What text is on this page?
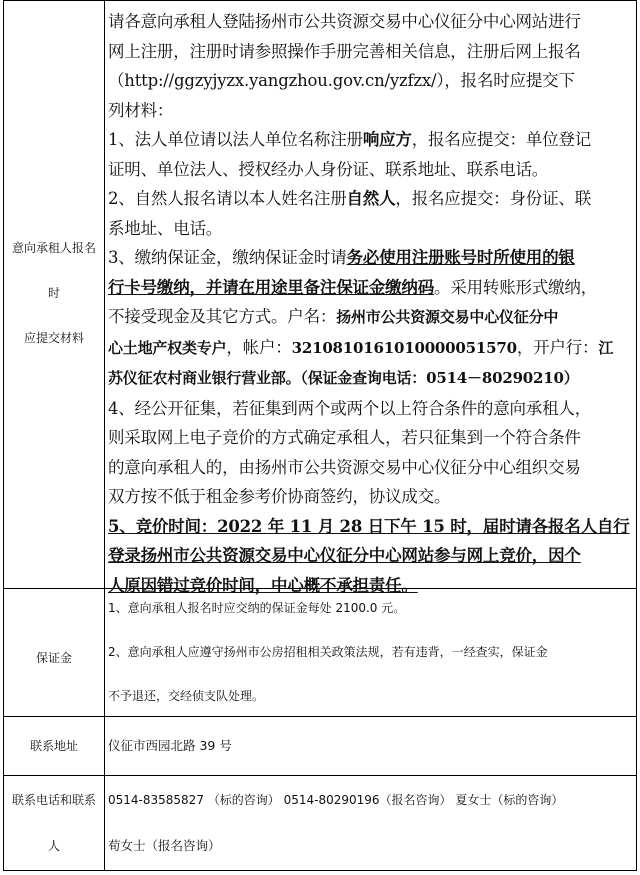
意向承租人报名
时
应提交材料

请各意向承租人登陆扬州市公共资源交易中心仪征分中心网站进行

网上注册，注册时请参照操作手册完善相关信息，注册后网上报名

（http://ggzyjyzx.yangzhou.gov.cn/yzfzx/），报名时应提交下

列材料：

1、法人单位请以法人单位名称注册响应方，报名应提交：单位登记

证明、单位法人、授权经办人身份证、联系地址、联系电话。

2、自然人报名请以本人姓名注册自然人，报名应提交：身份证、联

系地址、电话。

3、缴纳保证金，缴纳保证金时请务必使用注册账号时所使用的银

行卡号缴纳，并请在用途里备注保证金缴纳码。采用转账形式缴纳，

不接受现金及其它方式。户名：扬州市公共资源交易中心仪征分中

心土地产权类专户，帐户：3210810161010000051570，开户行：江

苏仪征农村商业银行营业部。（保证金查询电话：0514－80290210）

4、经公开征集，若征集到两个或两个以上符合条件的意向承租人，

则采取网上电子竞价的方式确定承租人，若只征集到一个符合条件

的意向承租人的，由扬州市公共资源交易中心仪征分中心组织交易

双方按不低于租金参考价协商签约，协议成交。

5、竞价时间：2022 年 11 月 28 日下午 15 时，届时请各报名人自行

登录扬州市公共资源交易中心仪征分中心网站参与网上竞价，因个

人原因错过竞价时间，中心概不承担责任。

保证金

1、意向承租人报名时应交纳的保证金每处 2100.0 元。

2、意向承租人应遵守扬州市公房招租相关政策法规，若有违背，一经查实，保证金

不予退还，交经侦支队处理。

联系地址	仪征市西园北路 39 号

联系电话和联系
人

0514-83585827 （标的咨询） 0514-80290196（报名咨询） 夏女士（标的咨询）

荀女士（报名咨询）
